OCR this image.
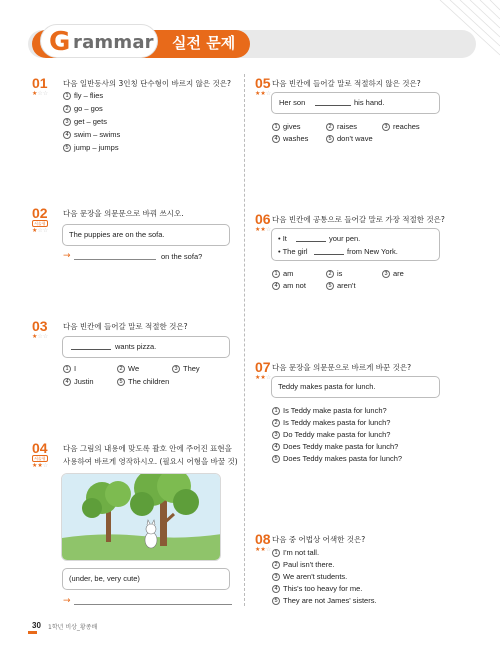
G rammar 실전 문제
01
★☆☆
다음 일반동사의 3인칭 단수형이 바르지 않은 것은?
1 fly – flies
2 go – gos
3 get – gets
4 swim – swims
5 jump – jumps
02
서술형
★☆☆
다음 문장을 의문문으로 바꿔 쓰시오.
The puppies are on the sofa.
→	on the sofa?
03
★☆☆
다음 빈칸에 들어갈 말로 적절한 것은?
wants pizza.
1 I	2 We	3 They
4 Justin	5 The children
04
서술형
★★☆
다음 그림의 내용에 맞도록 괄호 안에 주어진 표현을
사용하여 바르게 영작하시오. (필요시 어형을 바꿀 것)
(under, be, very cute)
→
05
★★☆
다음 빈칸에 들어갈 말로 적절하지 않은 것은?
Her son	his hand.
1 gives	2 raises	3 reaches
4 washes	5 don't wave
06
★★☆
다음 빈칸에 공통으로 들어갈 말로 가장 적절한 것은?
• It	your pen.
• The girl	from New York.
1 am	2 is	3 are
4 am not	5 aren't
07
★★☆
다음 문장을 의문문으로 바르게 바꾼 것은?
Teddy makes pasta for lunch.
1 Is Teddy make pasta for lunch?
2 Is Teddy makes pasta for lunch?
3 Do Teddy make pasta for lunch?
4 Does Teddy make pasta for lunch?
5 Does Teddy makes pasta for lunch?
08
★★☆
다음 중 어법상 어색한 것은?
1 I'm not tall.
2 Paul isn't there.
3 We aren't students.
4 This's too heavy for me.
5 They are not James' sisters.
30 1학년 비상_황종배
